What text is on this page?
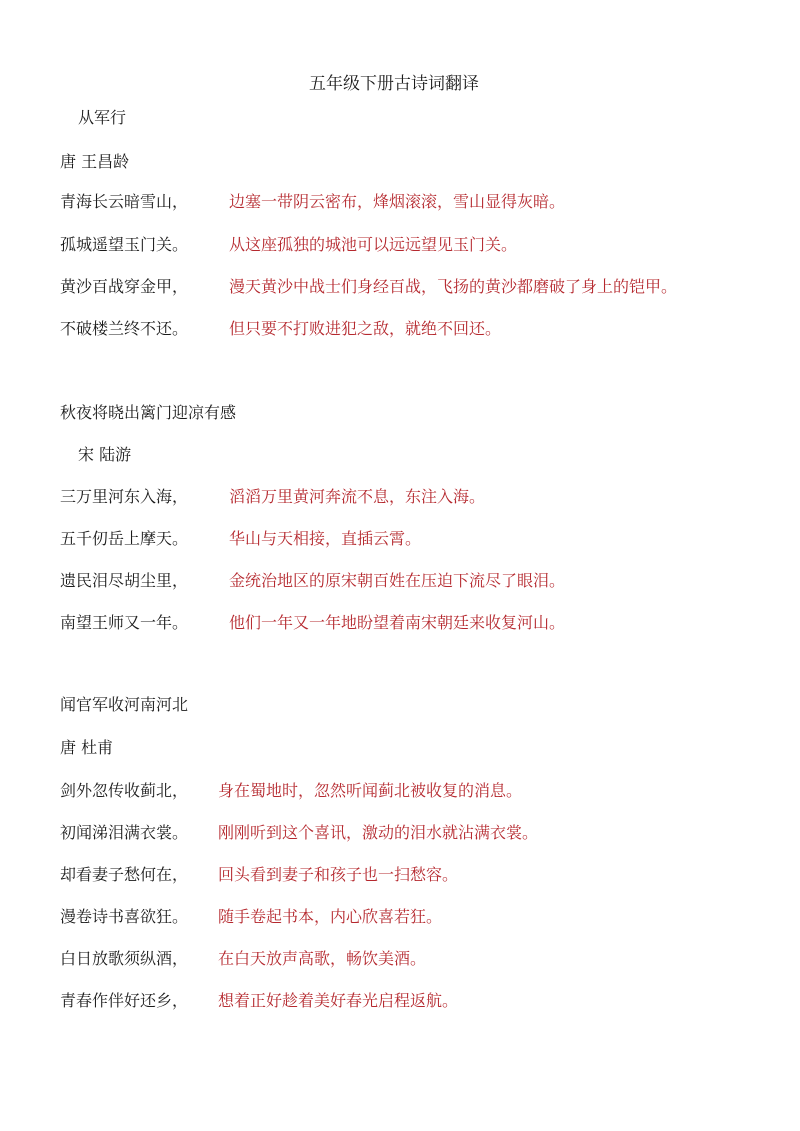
五年级下册古诗词翻译
从军行
唐 王昌龄
青海长云暗雪山，	边塞一带阴云密布，烽烟滚滚，雪山显得灰暗。
孤城遥望玉门关。	从这座孤独的城池可以远远望见玉门关。
黄沙百战穿金甲，	漫天黄沙中战士们身经百战，飞扬的黄沙都磨破了身上的铠甲。
不破楼兰终不还。	但只要不打败进犯之敌，就绝不回还。
秋夜将晓出篱门迎凉有感
宋 陆游
三万里河东入海，	滔滔万里黄河奔流不息，东注入海。
五千仞岳上摩天。	华山与天相接，直插云霄。
遗民泪尽胡尘里，	金统治地区的原宋朝百姓在压迫下流尽了眼泪。
南望王师又一年。	他们一年又一年地盼望着南宋朝廷来收复河山。
闻官军收河南河北
唐 杜甫
剑外忽传收蓟北， 身在蜀地时，忽然听闻蓟北被收复的消息。
初闻涕泪满衣裳。 刚刚听到这个喜讯，激动的泪水就沾满衣裳。
却看妻子愁何在， 回头看到妻子和孩子也一扫愁容。
漫卷诗书喜欲狂。 随手卷起书本，内心欣喜若狂。
白日放歌须纵酒， 在白天放声高歌，畅饮美酒。
青春作伴好还乡， 想着正好趁着美好春光启程返航。
